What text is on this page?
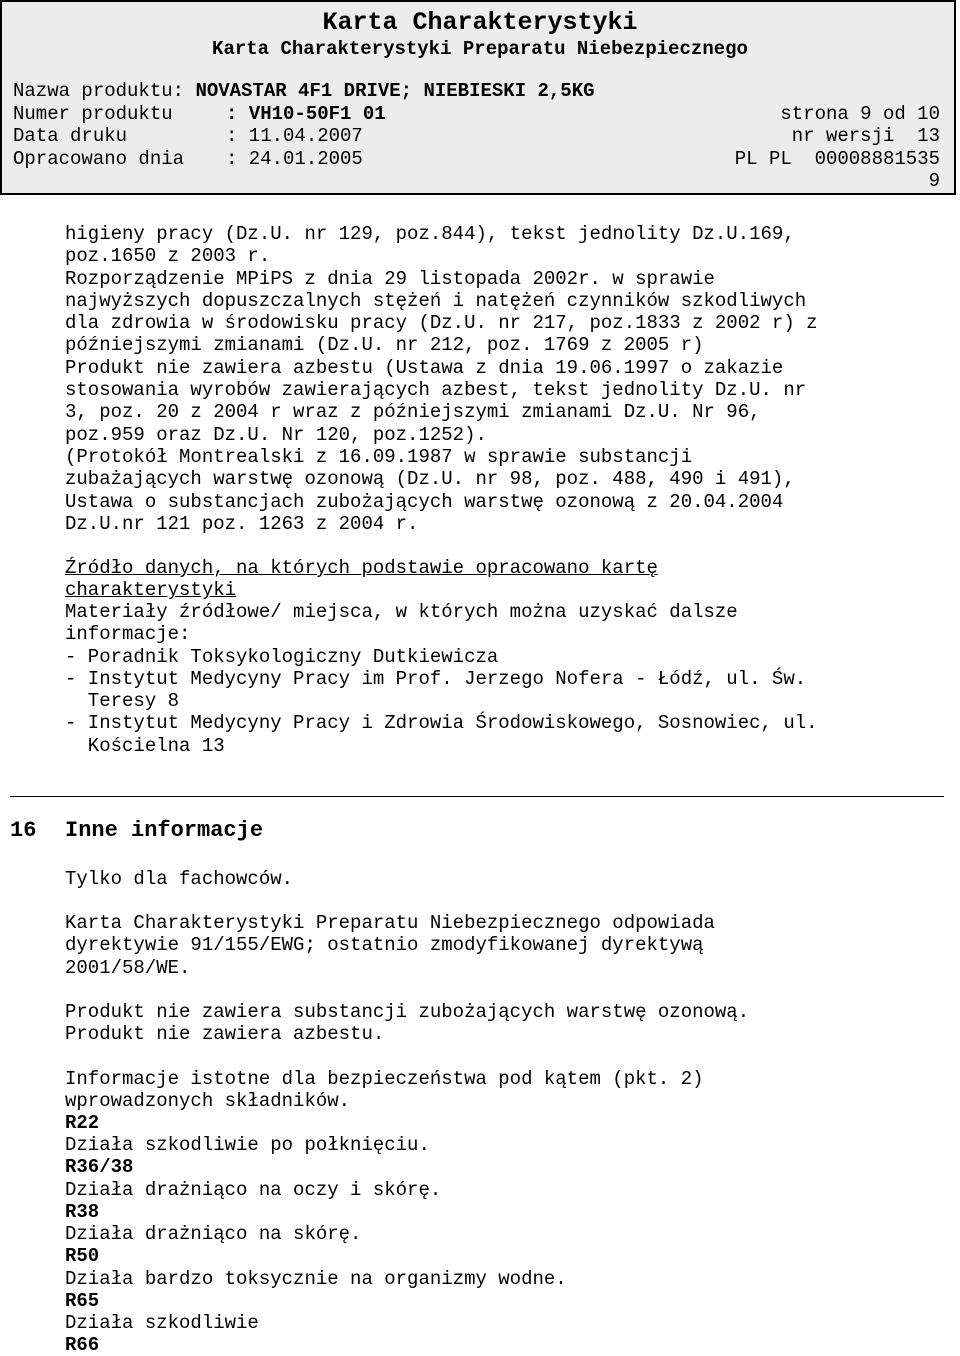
Karta Charakterystyki
Karta Charakterystyki Preparatu Niebezpiecznego
Nazwa produktu: NOVASTAR 4F1 DRIVE; NIEBIESKI 2,5KG
Numer produktu	: VH10-50F1 01	strona 9 od 10
Data druku	: 11.04.2007	nr wersji  13
Opracowano dnia : 24.01.2005	PL PL  00008881535
9

higieny pracy (Dz.U. nr 129, poz.844), tekst jednolity Dz.U.169,
poz.1650 z 2003 r.
Rozporządzenie MPiPS z dnia 29 listopada 2002r. w sprawie
najwyższych dopuszczalnych stężeń i natężeń czynników szkodliwych
dla zdrowia w środowisku pracy (Dz.U. nr 217, poz.1833 z 2002 r) z
późniejszymi zmianami (Dz.U. nr 212, poz. 1769 z 2005 r)
Produkt nie zawiera azbestu (Ustawa z dnia 19.06.1997 o zakazie
stosowania wyrobów zawierających azbest, tekst jednolity Dz.U. nr
3, poz. 20 z 2004 r wraz z późniejszymi zmianami Dz.U. Nr 96,
poz.959 oraz Dz.U. Nr 120, poz.1252).
(Protokół Montrealski z 16.09.1987 w sprawie substancji
zubażających warstwę ozonową (Dz.U. nr 98, poz. 488, 490 i 491),
Ustawa o substancjach zubożających warstwę ozonową z 20.04.2004
Dz.U.nr 121 poz. 1263 z 2004 r.

Źródło danych, na których podstawie opracowano kartę
charakterystyki

Materiały źródłowe/ miejsca, w których można uzyskać dalsze
informacje:
- Poradnik Toksykologiczny Dutkiewicza
- Instytut Medycyny Pracy im Prof. Jerzego Nofera - Łódź, ul. Św.
Teresy 8
- Instytut Medycyny Pracy i Zdrowia Środowiskowego, Sosnowiec, ul.
Kościelna 13

16 Inne informacje

Tylko dla fachowców.

Karta Charakterystyki Preparatu Niebezpiecznego odpowiada
dyrektywie 91/155/EWG; ostatnio zmodyfikowanej dyrektywą
2001/58/WE.

Produkt nie zawiera substancji zubożających warstwę ozonową.
Produkt nie zawiera azbestu.

Informacje istotne dla bezpieczeństwa pod kątem (pkt. 2)
wprowadzonych składników.

R22

Działa szkodliwie po połknięciu.

R36/38

Działa drażniąco na oczy i skórę.

R38

Działa drażniąco na skórę.

R50

Działa bardzo toksycznie na organizmy wodne.

R65

Działa szkodliwie

R66
